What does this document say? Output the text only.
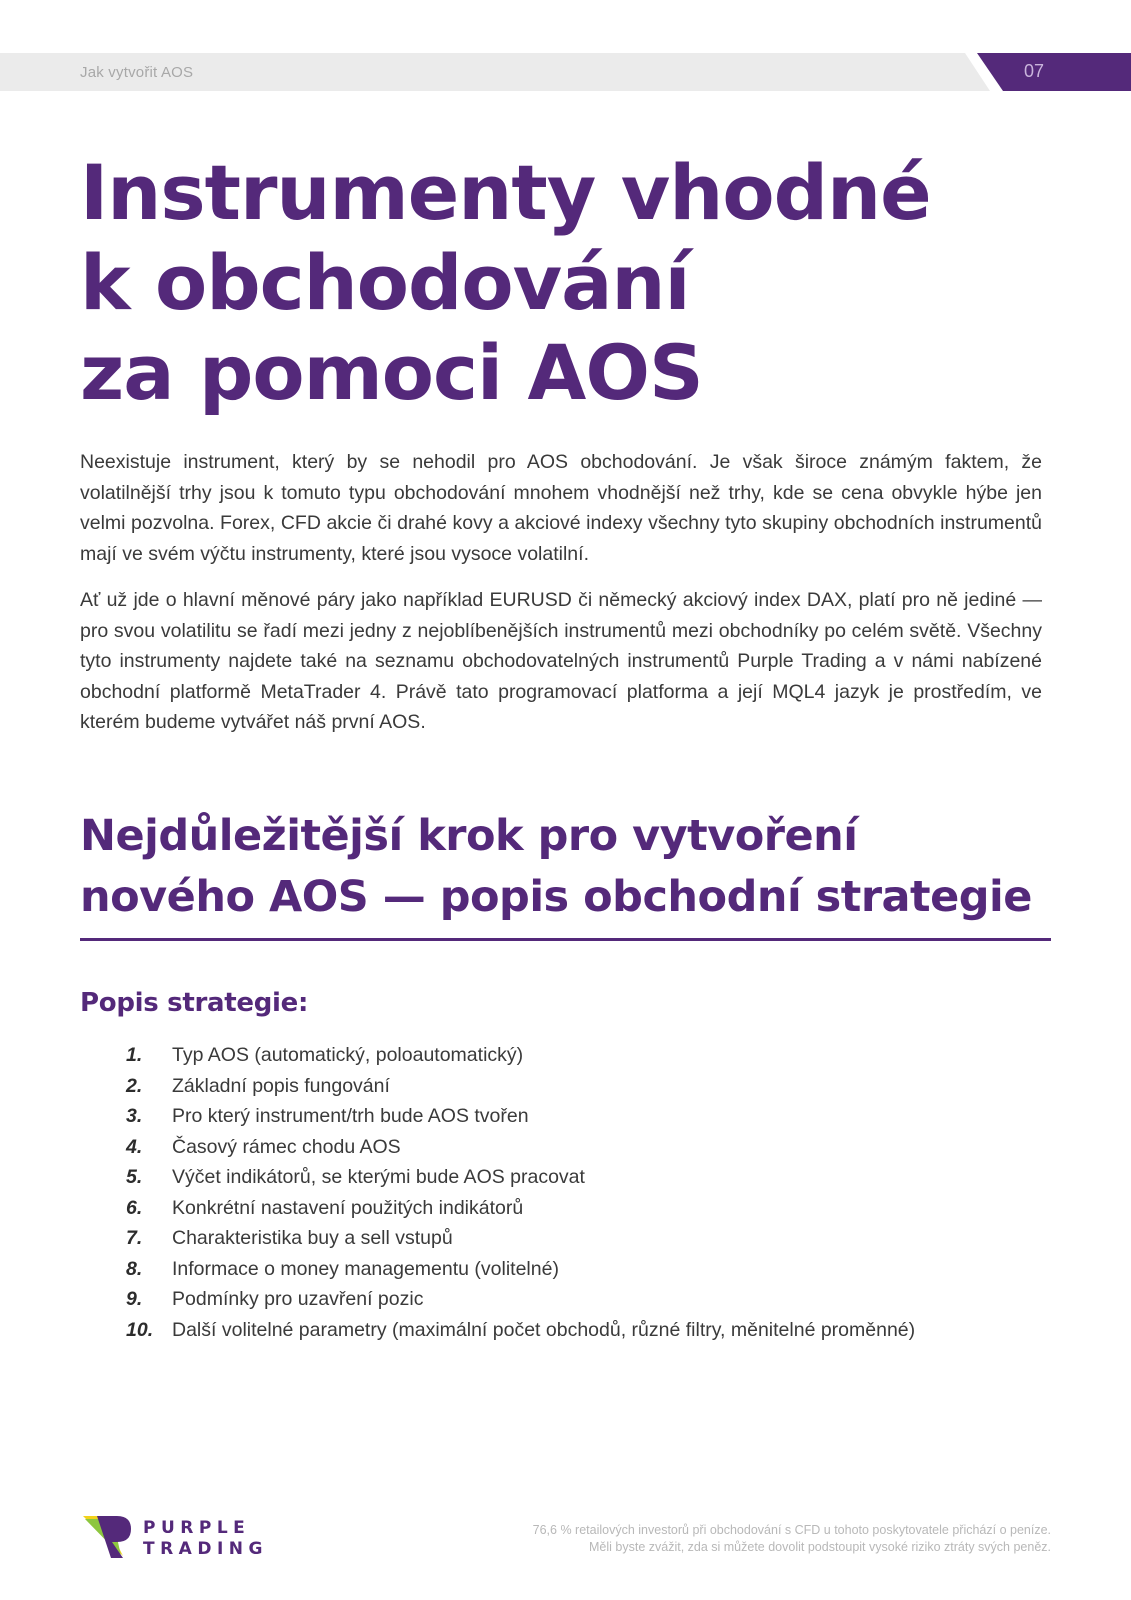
Jak vytvořit AOS	07
Instrumenty vhodné
k obchodování
za pomoci AOS

Neexistuje instrument, který by se nehodil pro AOS obchodování. Je však široce známým faktem, že volatilnější trhy jsou k tomuto typu obchodování mnohem vhodnější než trhy, kde se cena obvykle hýbe jen velmi pozvolna. Forex, CFD akcie či drahé kovy a akciové indexy všechny tyto skupiny obchodních instrumentů mají ve svém výčtu instrumenty, které jsou vysoce volatilní.

Ať už jde o hlavní měnové páry jako například EURUSD či německý akciový index DAX, platí pro ně jediné — pro svou volatilitu se řadí mezi jedny z nejoblíbenějších instrumentů mezi obchodníky po celém světě. Všechny tyto instrumenty najdete také na seznamu obchodovatelných instrumentů Purple Trading a v námi nabízené obchodní platformě MetaTrader 4. Právě tato programovací platforma a její MQL4 jazyk je prostředím, ve kterém budeme vytvářet náš první AOS.

Nejdůležitější krok pro vytvoření
nového AOS — popis obchodní strategie
Popis strategie:
1. Typ AOS (automatický, poloautomatický)
2. Základní popis fungování
3. Pro který instrument/trh bude AOS tvořen
4. Časový rámec chodu AOS
5. Výčet indikátorů, se kterými bude AOS pracovat
6. Konkrétní nastavení použitých indikátorů
7. Charakteristika buy a sell vstupů
8. Informace o money managementu (volitelné)
9. Podmínky pro uzavření pozic
10. Další volitelné parametry (maximální počet obchodů, různé filtry, měnitelné proměnné)
PURPLE
TRADING
76,6 % retailových investorů při obchodování s CFD u tohoto poskytovatele přichází o peníze.
Měli byste zvážit, zda si můžete dovolit podstoupit vysoké riziko ztráty svých peněz.
